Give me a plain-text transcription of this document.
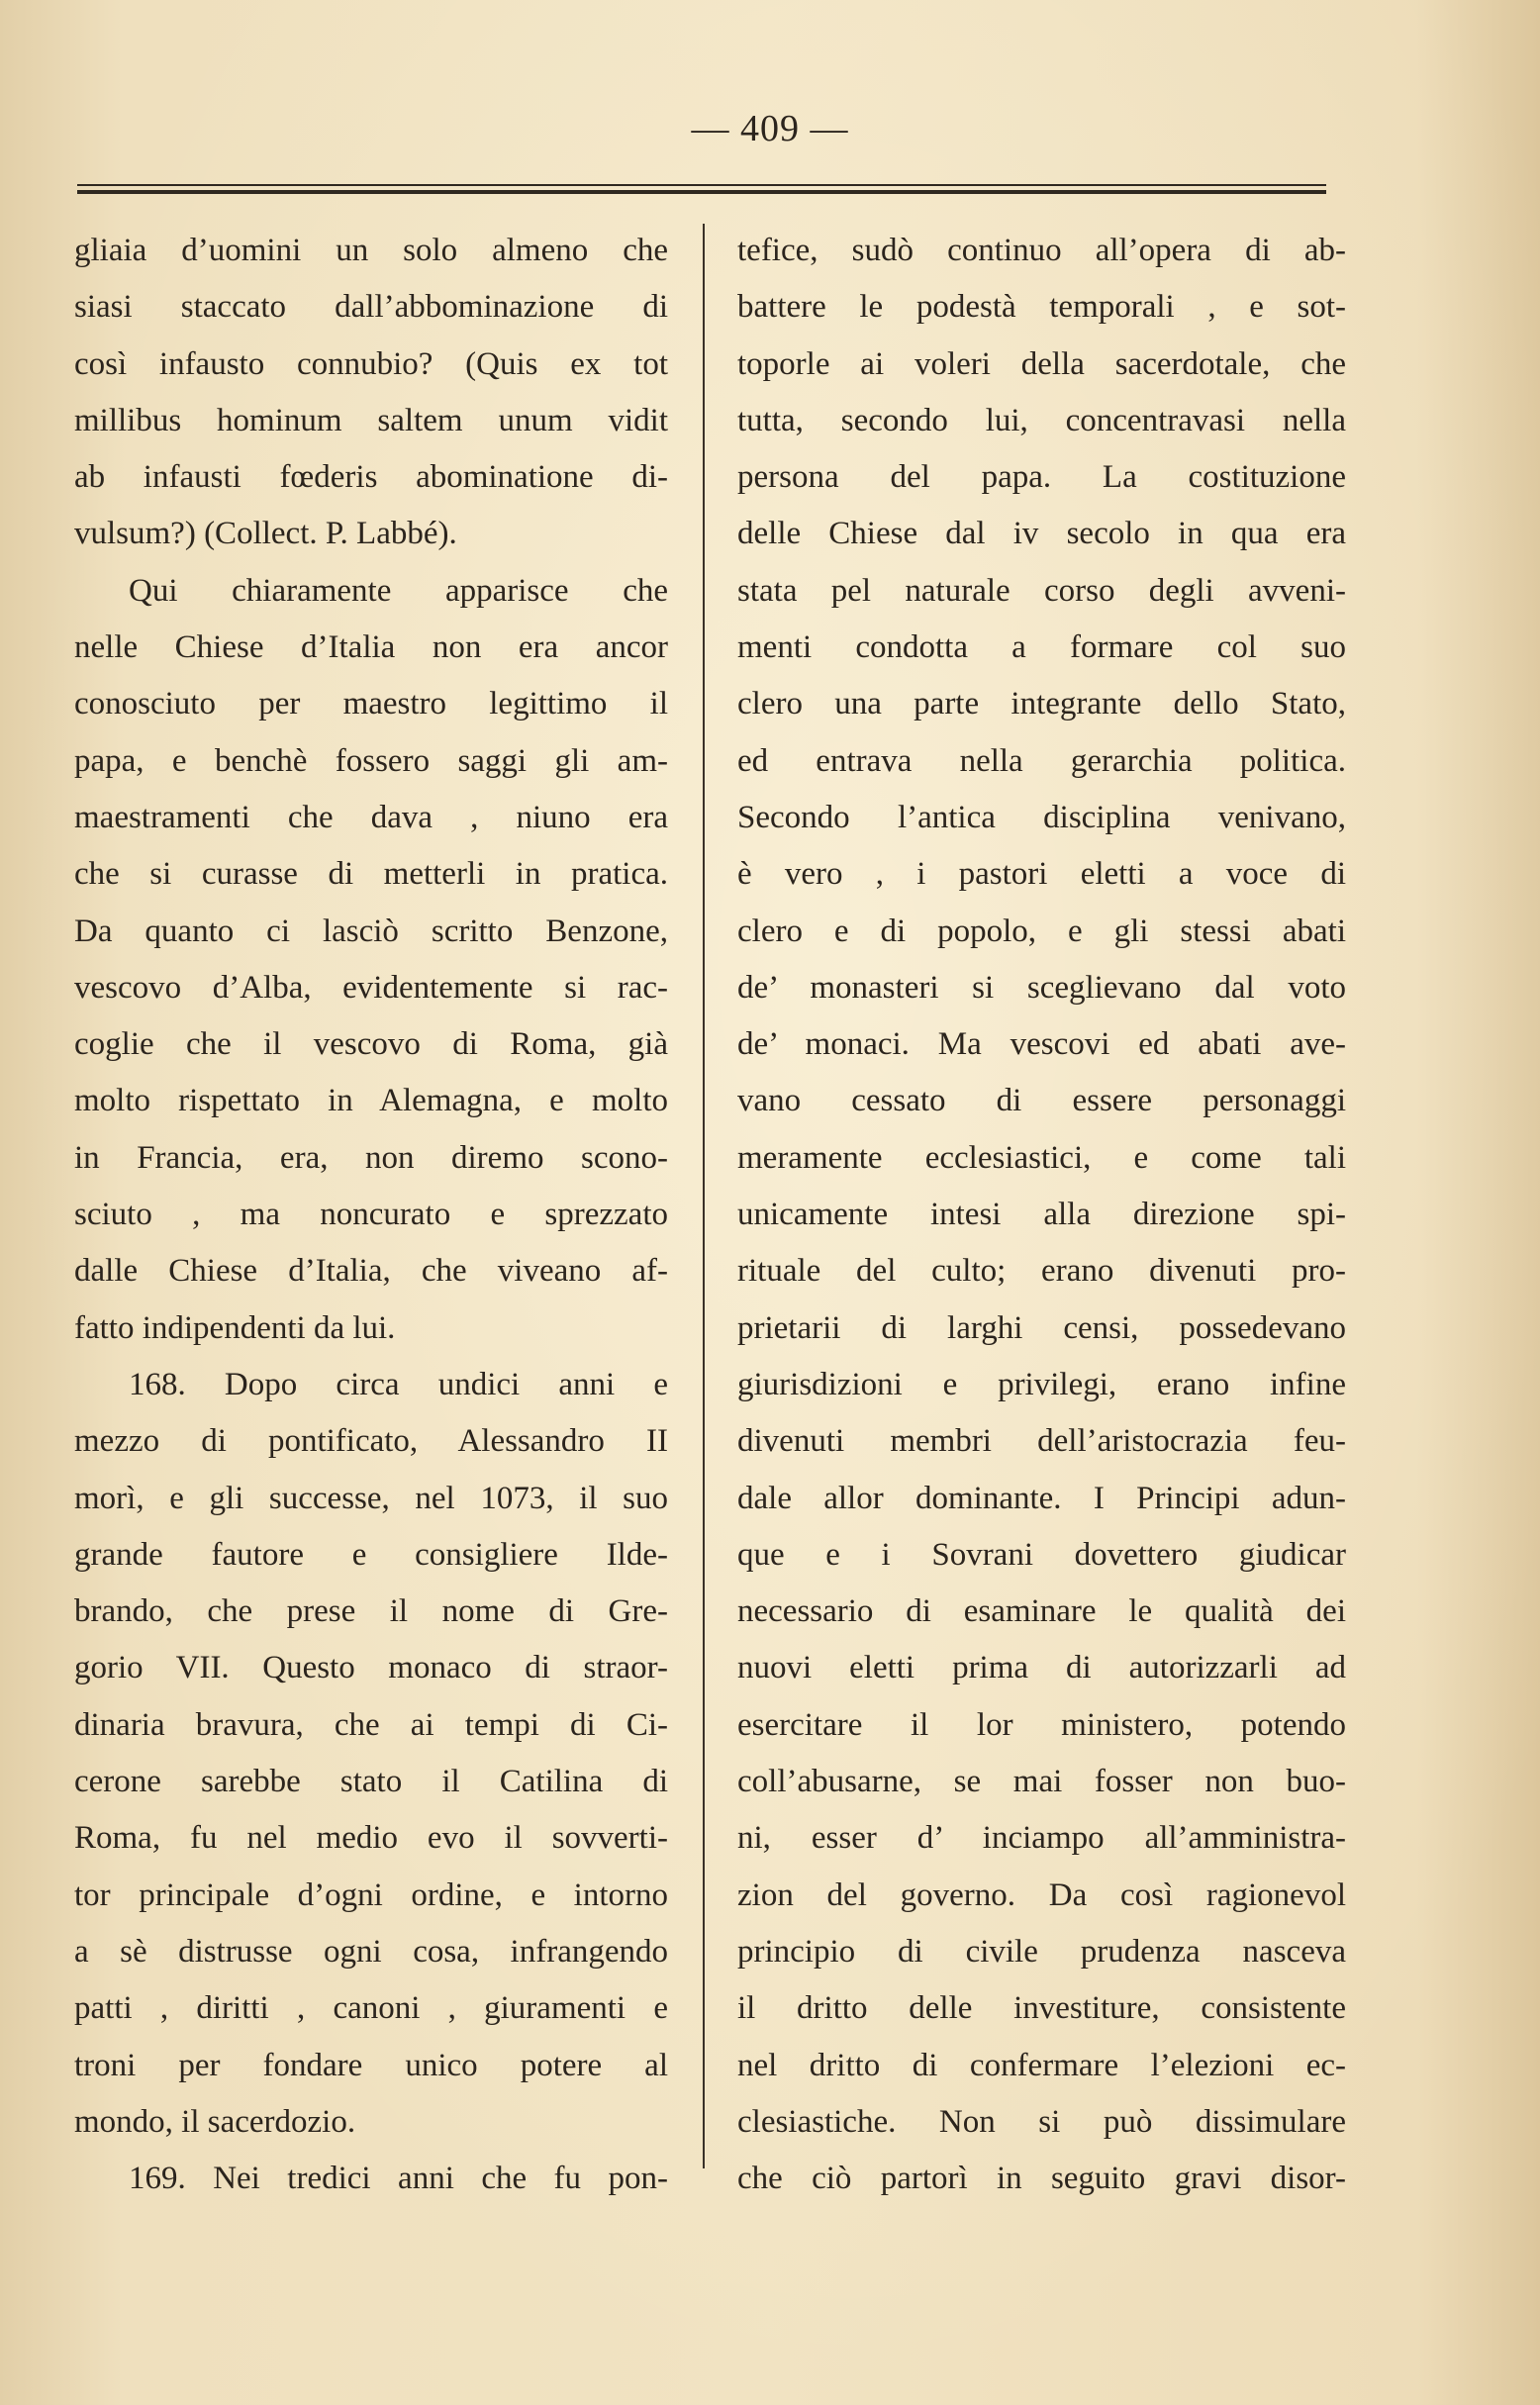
— 409 —
gliaia d’uomini un solo almeno che
siasi staccato dall’abbominazione di
così infausto connubio? (Quis ex tot
millibus hominum saltem unum vidit
ab infausti fœderis abominatione di-
vulsum?) (Collect. P. Labbé).
Qui chiaramente apparisce che
nelle Chiese d’Italia non era ancor
conosciuto per maestro legittimo il
papa, e benchè fossero saggi gli am-
maestramenti che dava , niuno era
che si curasse di metterli in pratica.
Da quanto ci lasciò scritto Benzone,
vescovo d’Alba, evidentemente si rac-
coglie che il vescovo di Roma, già
molto rispettato in Alemagna, e molto
in Francia, era, non diremo scono-
sciuto , ma noncurato e sprezzato
dalle Chiese d’Italia, che viveano af-
fatto indipendenti da lui.
168. Dopo circa undici anni e
mezzo di pontificato, Alessandro II
morì, e gli successe, nel 1073, il suo
grande fautore e consigliere Ilde-
brando, che prese il nome di Gre-
gorio VII. Questo monaco di straor-
dinaria bravura, che ai tempi di Ci-
cerone sarebbe stato il Catilina di
Roma, fu nel medio evo il sovverti-
tor principale d’ogni ordine, e intorno
a sè distrusse ogni cosa, infrangendo
patti , diritti , canoni , giuramenti e
troni per fondare unico potere al
mondo, il sacerdozio.
169. Nei tredici anni che fu pon-
tefice, sudò continuo all’opera di ab-
battere le podestà temporali , e sot-
toporle ai voleri della sacerdotale, che
tutta, secondo lui, concentravasi nella
persona del papa. La costituzione
delle Chiese dal iv secolo in qua era
stata pel naturale corso degli avveni-
menti condotta a formare col suo
clero una parte integrante dello Stato,
ed entrava nella gerarchia politica.
Secondo l’antica disciplina venivano,
è vero , i pastori eletti a voce di
clero e di popolo, e gli stessi abati
de’ monasteri si sceglievano dal voto
de’ monaci. Ma vescovi ed abati ave-
vano cessato di essere personaggi
meramente ecclesiastici, e come tali
unicamente intesi alla direzione spi-
rituale del culto; erano divenuti pro-
prietarii di larghi censi, possedevano
giurisdizioni e privilegi, erano infine
divenuti membri dell’aristocrazia feu-
dale allor dominante. I Principi adun-
que e i Sovrani dovettero giudicar
necessario di esaminare le qualità dei
nuovi eletti prima di autorizzarli ad
esercitare il lor ministero, potendo
coll’abusarne, se mai fosser non buo-
ni, esser d’ inciampo all’amministra-
zion del governo. Da così ragionevol
principio di civile prudenza nasceva
il dritto delle investiture, consistente
nel dritto di confermare l’elezioni ec-
clesiastiche. Non si può dissimulare
che ciò partorì in seguito gravi disor-
